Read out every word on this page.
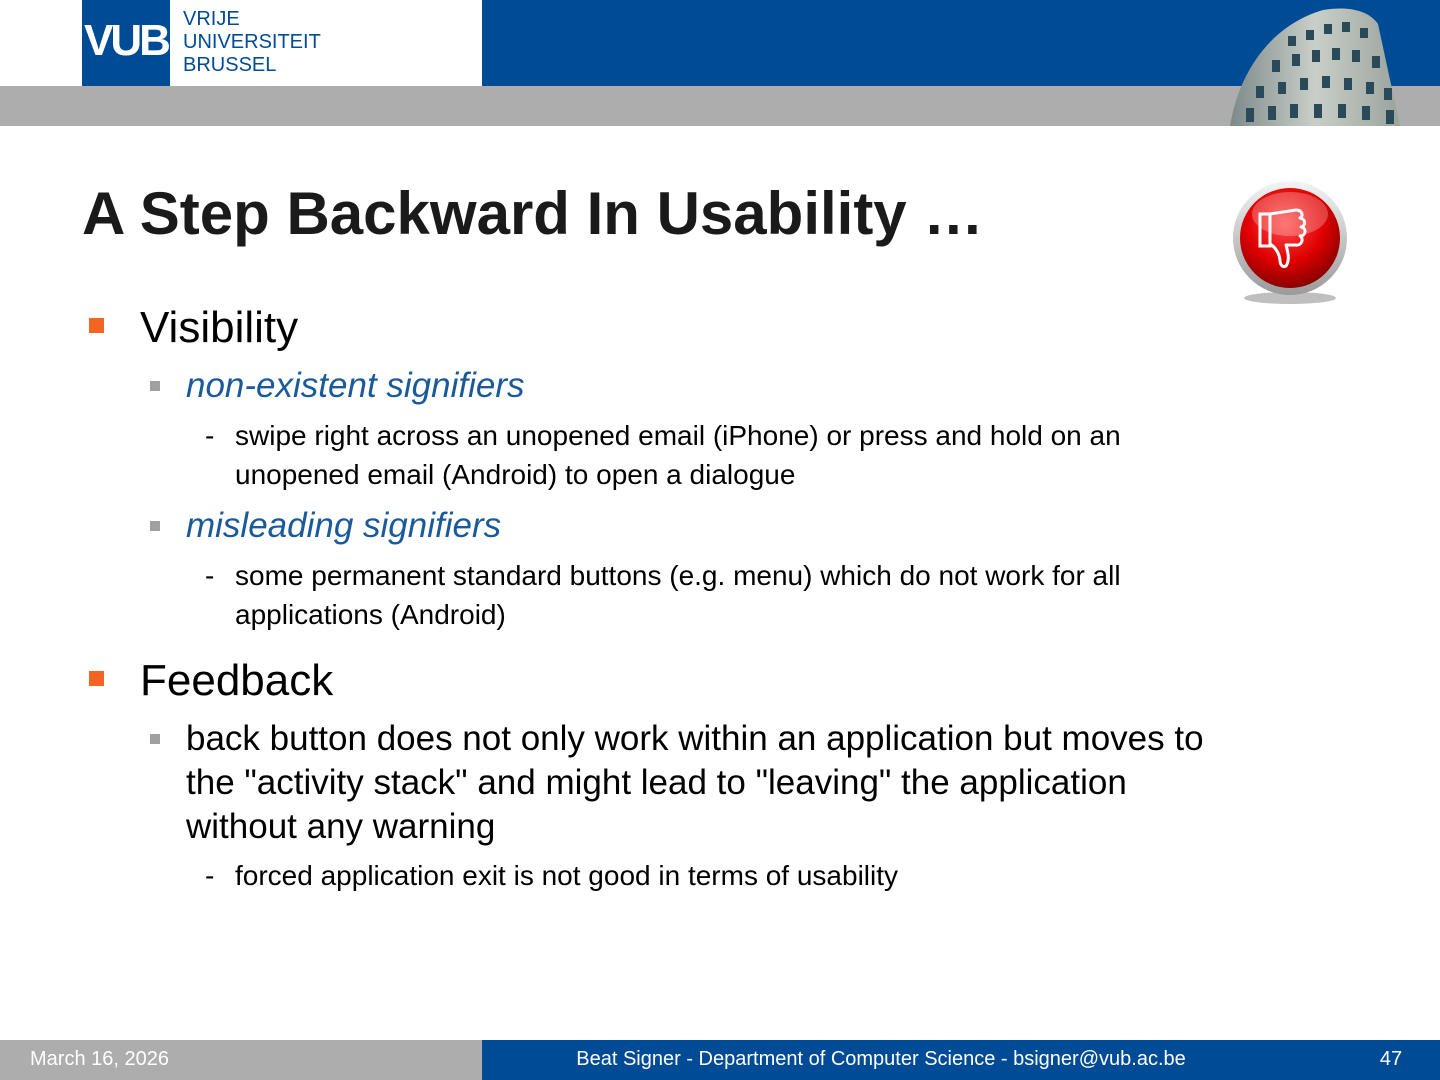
VUB VRIJE
UNIVERSITEIT
BRUSSEL
A Step Backward In Usability …
Visibility
non-existent signifiers
- swipe right across an unopened email (iPhone) or press and hold on an
unopened email (Android) to open a dialogue
misleading signifiers
- some permanent standard buttons (e.g. menu) which do not work for all
applications (Android)
Feedback
back button does not only work within an application but moves to
the "activity stack" and might lead to "leaving" the application
without any warning
- forced application exit is not good in terms of usability
March 16, 2026	Beat Signer - Department of Computer Science - bsigner@vub.ac.be	47
